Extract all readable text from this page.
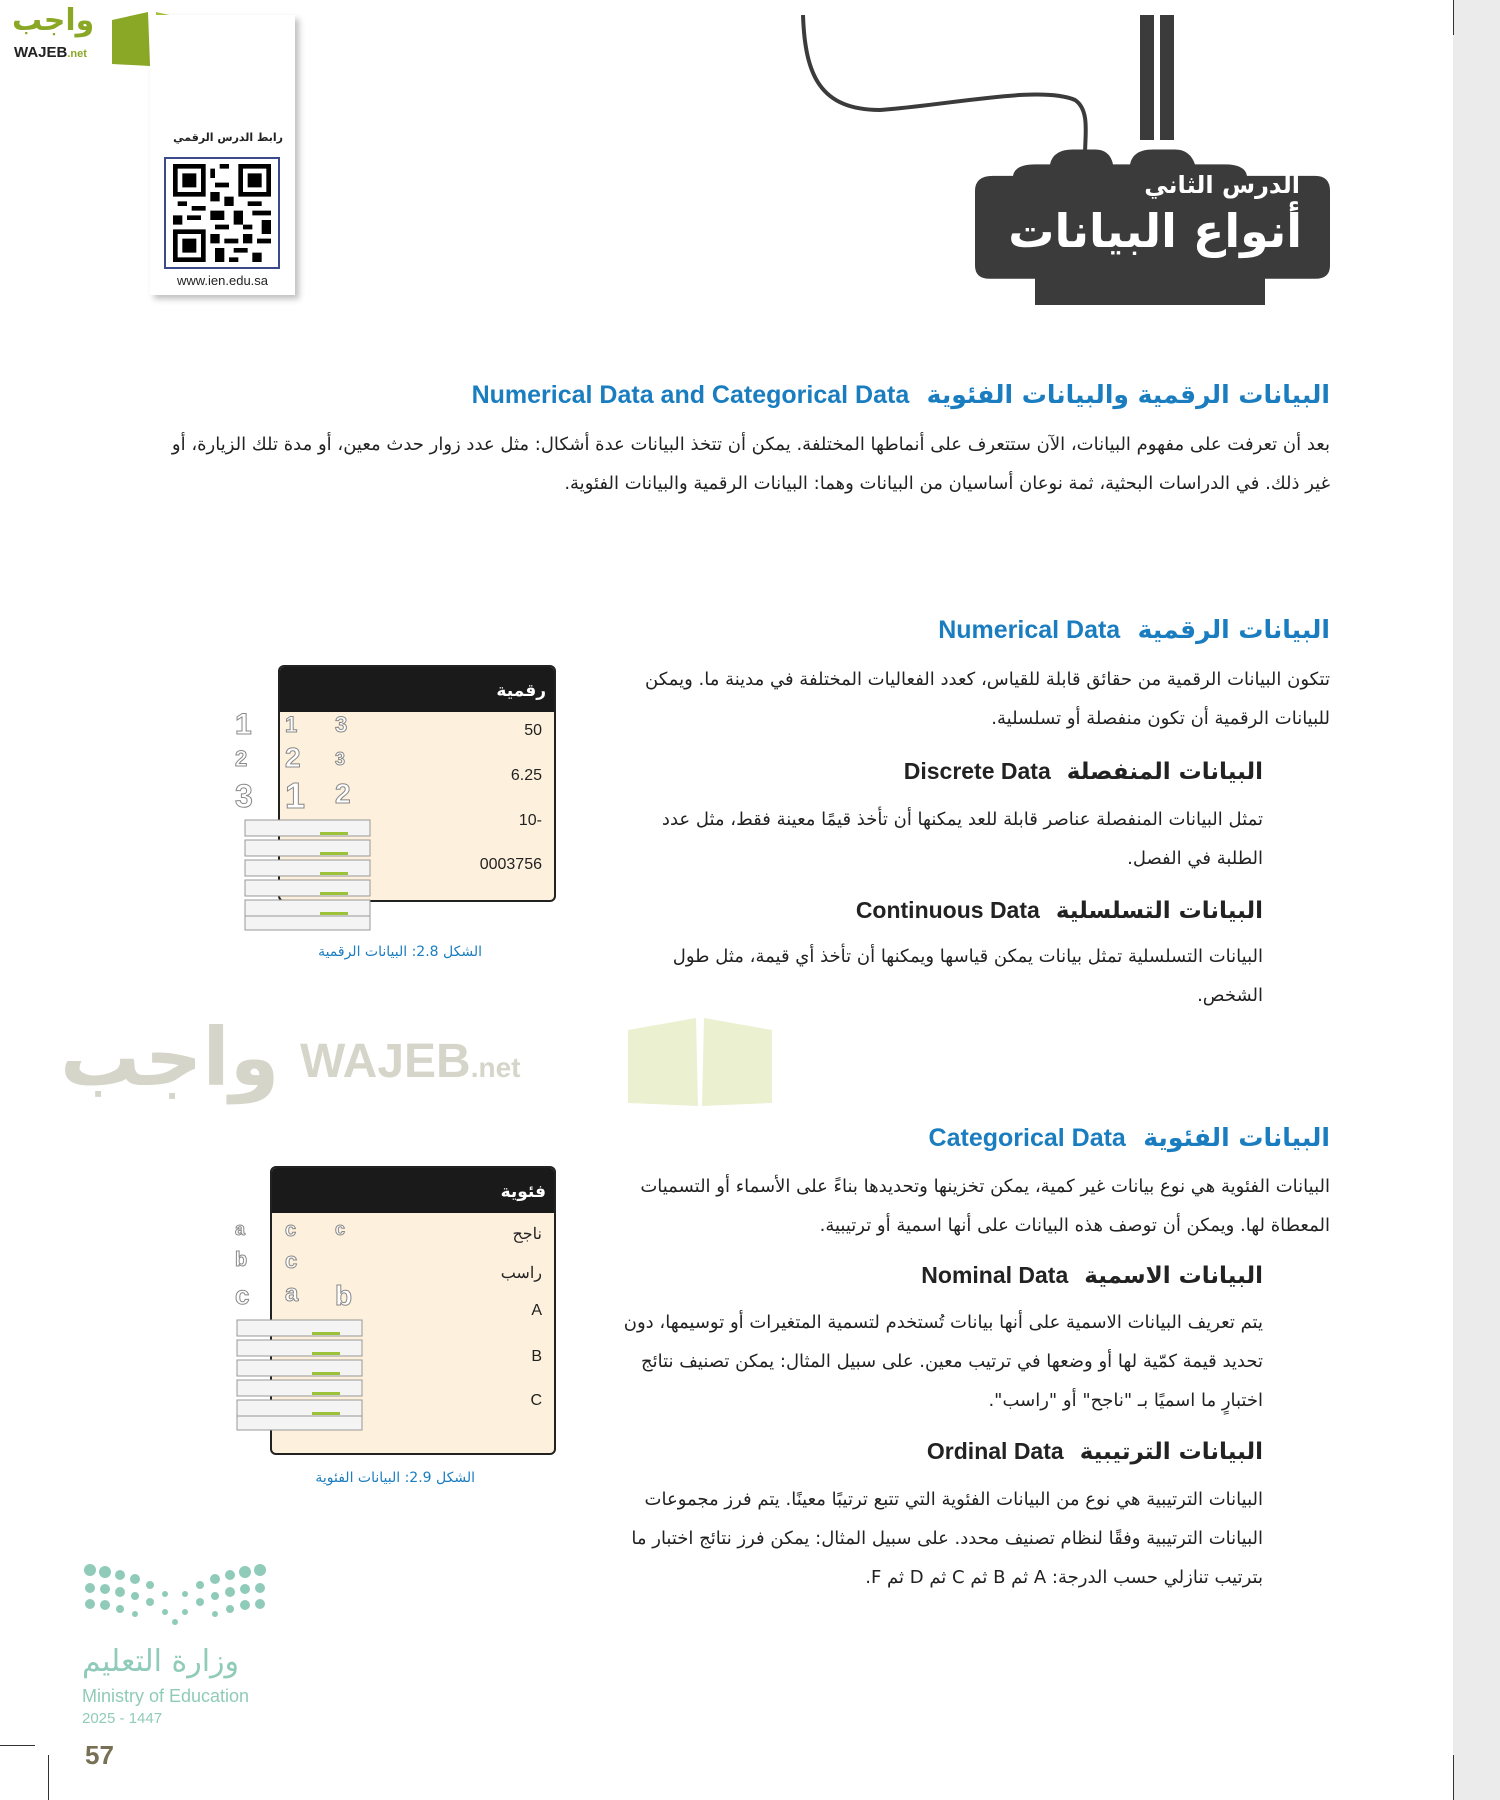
واجب
WAJEB.net
رابط الدرس الرقمي
www.ien.edu.sa
الدرس الثاني
أنواع البيانات
البيانات الرقمية والبيانات الفئوية  Numerical Data and Categorical Data
بعد أن تعرفت على مفهوم البيانات، الآن ستتعرف على أنماطها المختلفة. يمكن أن تتخذ البيانات عدة أشكال: مثل عدد زوار حدث معين، أو مدة تلك الزيارة، أو غير ذلك. في الدراسات البحثية، ثمة نوعان أساسيان من البيانات وهما: البيانات الرقمية والبيانات الفئوية.
واجب WAJEB.net
البيانات الرقمية  Numerical Data
تتكون البيانات الرقمية من حقائق قابلة للقياس، كعدد الفعاليات المختلفة في مدينة ما. ويمكن للبيانات الرقمية أن تكون منفصلة أو تسلسلية.
البيانات المنفصلة  Discrete Data
تمثل البيانات المنفصلة عناصر قابلة للعد يمكنها أن تأخذ قيمًا معينة فقط، مثل عدد الطلبة في الفصل.
البيانات التسلسلية  Continuous Data
البيانات التسلسلية تمثل بيانات يمكن قياسها ويمكنها أن تأخذ أي قيمة، مثل طول الشخص.
رقمية
50
6.25
-10
0003756
1 1 3
2
3 1
2
2
3
الشكل 2.8: البيانات الرقمية
البيانات الفئوية  Categorical Data
البيانات الفئوية هي نوع بيانات غير كمية، يمكن تخزينها وتحديدها بناءً على الأسماء أو التسميات المعطاة لها. ويمكن أن توصف هذه البيانات على أنها اسمية أو ترتيبية.
البيانات الاسمية  Nominal Data
يتم تعريف البيانات الاسمية على أنها بيانات تُستخدم لتسمية المتغيرات أو توسيمها، دون تحديد قيمة كمّية لها أو وضعها في ترتيب معين. على سبيل المثال: يمكن تصنيف نتائج اختبارٍ ما اسميًا بـ "ناجح" أو "راسب".
البيانات الترتيبية  Ordinal Data
البيانات الترتيبية هي نوع من البيانات الفئوية التي تتبع ترتيبًا معينًا. يتم فرز مجموعات البيانات الترتيبية وفقًا لنظام تصنيف محدد. على سبيل المثال: يمكن فرز نتائج اختبار ما بترتيب تنازلي حسب الدرجة: A ثم B ثم C ثم D ثم F.
فئوية
ناجح
راسب
A
B
C
a c
b
b
c a
c
c
الشكل 2.9: البيانات الفئوية
وزارة التعليم
Ministry of Education
2025 - 1447
57
